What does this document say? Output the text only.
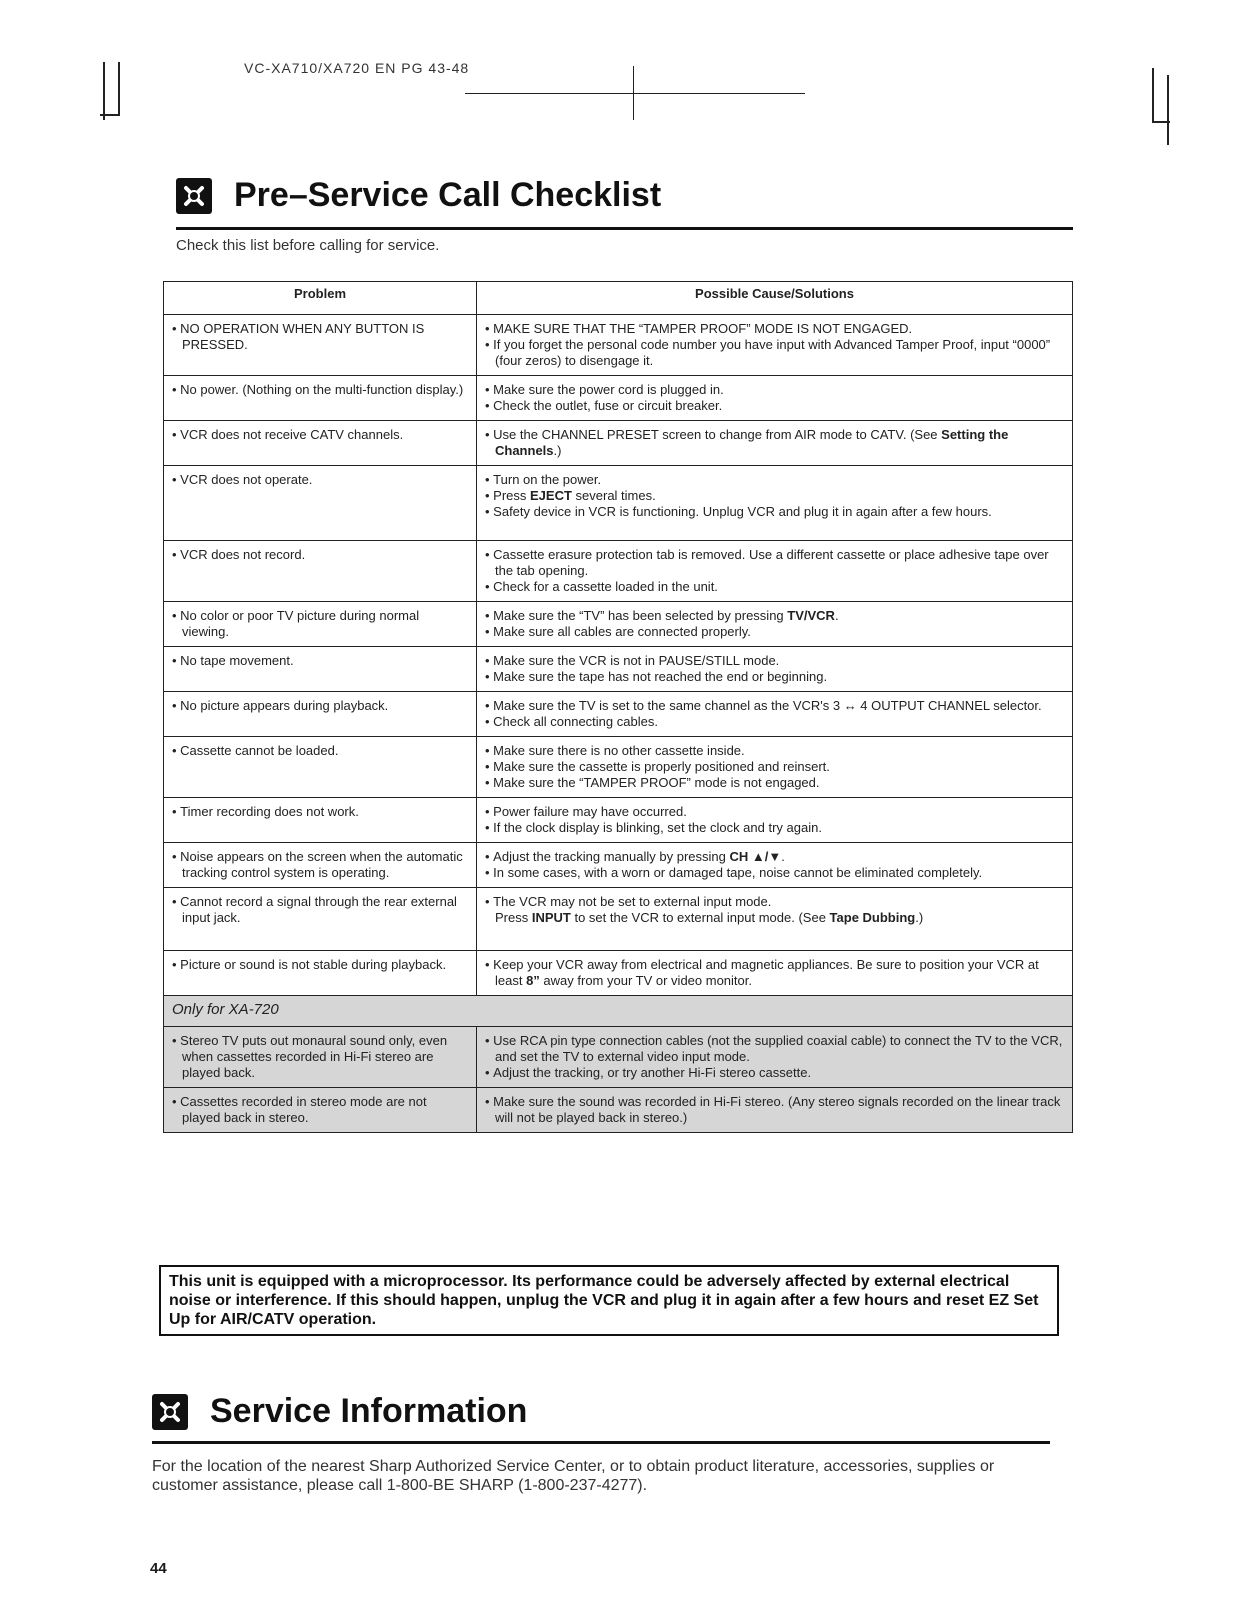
VC-XA710/XA720 EN PG 43-48
Pre–Service Call Checklist
Check this list before calling for service.
Problem	Possible Cause/Solutions

• NO OPERATION WHEN ANY BUTTON IS PRESSED.	• MAKE SURE THAT THE “TAMPER PROOF” MODE IS NOT ENGAGED.
• If you forget the personal code number you have input with Advanced Tamper Proof, input “0000” (four zeros) to disengage it.

• No power. (Nothing on the multi-function display.)	• Make sure the power cord is plugged in.
• Check the outlet, fuse or circuit breaker.

• VCR does not receive CATV channels.	• Use the CHANNEL PRESET screen to change from AIR mode to CATV. (See Setting the Channels.)

• VCR does not operate.	• Turn on the power.
• Press EJECT several times.
• Safety device in VCR is functioning. Unplug VCR and plug it in again after a few hours.

• VCR does not record.	• Cassette erasure protection tab is removed. Use a different cassette or place adhesive tape over the tab opening.
• Check for a cassette loaded in the unit.

• No color or poor TV picture during normal viewing.	• Make sure the “TV” has been selected by pressing TV/VCR.
• Make sure all cables are connected properly.

• No tape movement.	• Make sure the VCR is not in PAUSE/STILL mode.
• Make sure the tape has not reached the end or beginning.

• No picture appears during playback.	• Make sure the TV is set to the same channel as the VCR's 3 ↔ 4 OUTPUT CHANNEL selector.
• Check all connecting cables.

• Cassette cannot be loaded.	• Make sure there is no other cassette inside.
• Make sure the cassette is properly positioned and reinsert.
• Make sure the “TAMPER PROOF” mode is not engaged.

• Timer recording does not work.	• Power failure may have occurred.
• If the clock display is blinking, set the clock and try again.

• Noise appears on the screen when the automatic tracking control system is operating.	• Adjust the tracking manually by pressing CH ▲/▼.
• In some cases, with a worn or damaged tape, noise cannot be eliminated completely.

• Cannot record a signal through the rear external input jack.	• The VCR may not be set to external input mode.
Press INPUT to set the VCR to external input mode. (See Tape Dubbing.)

• Picture or sound is not stable during playback.	• Keep your VCR away from electrical and magnetic appliances. Be sure to position your VCR at least 8” away from your TV or video monitor.

Only for XA-720	

• Stereo TV puts out monaural sound only, even when cassettes recorded in Hi-Fi stereo are played back.	• Use RCA pin type connection cables (not the supplied coaxial cable) to connect the TV to the VCR, and set the TV to external video input mode.
• Adjust the tracking, or try another Hi-Fi stereo cassette.

• Cassettes recorded in stereo mode are not played back in stereo.	• Make sure the sound was recorded in Hi-Fi stereo. (Any stereo signals recorded on the linear track will not be played back in stereo.)
This unit is equipped with a microprocessor. Its performance could be adversely affected by external electrical noise or interference. If this should happen, unplug the VCR and plug it in again after a few hours and reset EZ Set Up for AIR/CATV operation.
Service Information
For the location of the nearest Sharp Authorized Service Center, or to obtain product literature, accessories, supplies or customer assistance, please call 1-800-BE SHARP (1-800-237-4277).
44
